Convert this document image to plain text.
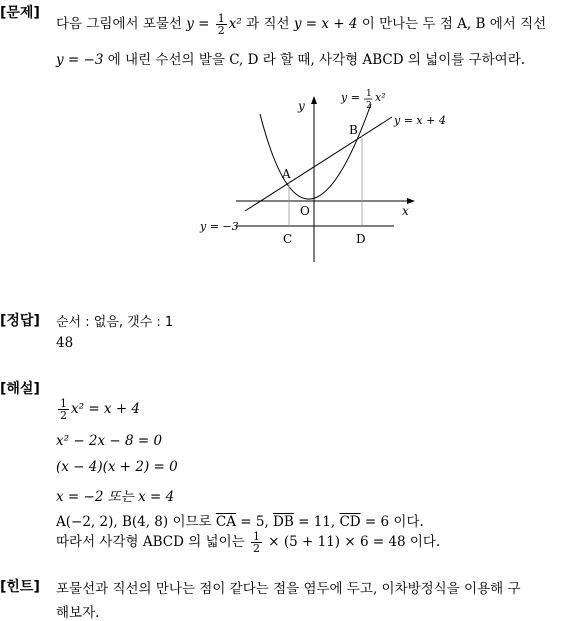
[문제]
다음 그림에서 포물선 $y = \frac{1}{2} x^2$ 과 직선 y = x + 4 이 만나는 두 점 A, B 에서 직선
y = −3 에 내린 수선의 발을 C, D 라 할 때, 사각형 ABCD 의 넓이를 구하여라.
y
x
O
y = 1
2
x²
y = x + 4
y = −3
A
B
C	D
[정답] 순서 : 없음, 갯수 : 1
48
[해설]
$\frac{1}{2} x^2 = x + 4$
x² − 2x − 8 = 0
(x − 4)(x + 2) = 0
x = −2 또는 x = 4
A(−2, 2), B(4, 8) 이므로 $\overline{CA} = 5$, $\overline{DB} = 11$, $\overline{CD} = 6$ 이다.
따라서 사각형 ABCD 의 넓이는 $\frac{1}{2} \times (5 + 11) \times 6 = 48$ 이다.
[힌트] 포물선과 직선의 만나는 점이 같다는 점을 염두에 두고, 이차방정식을 이용해 구
해보자.
